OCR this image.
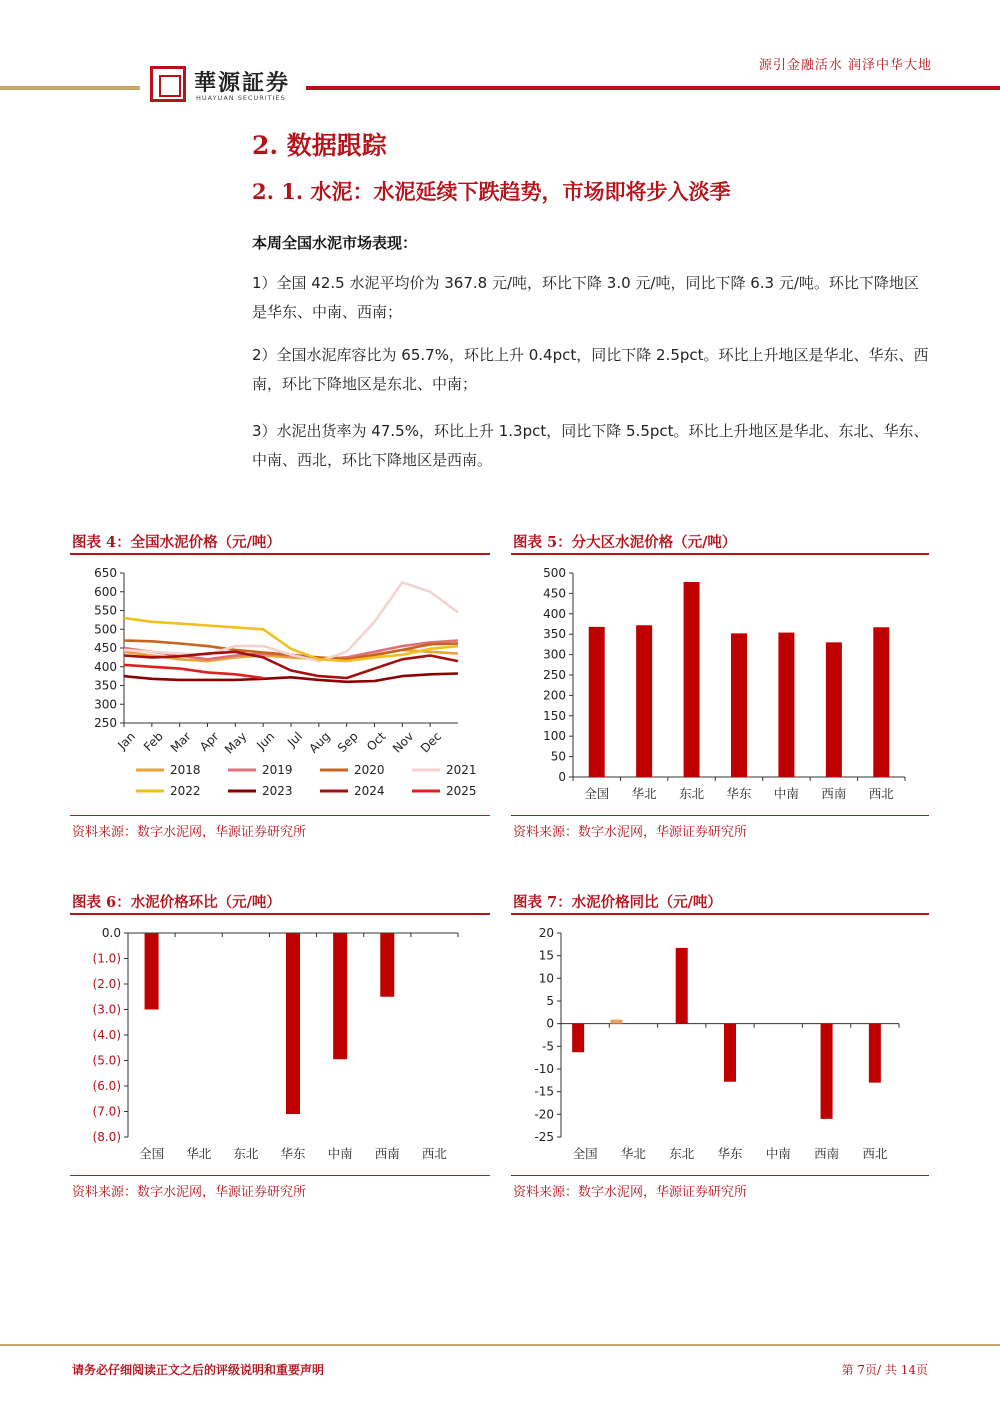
華源証券
HUAYUAN SECURITIES
源引金融活水 润泽中华大地
2. 数据跟踪
2. 1. 水泥：水泥延续下跌趋势，市场即将步入淡季
本周全国水泥市场表现：
1）全国 42.5 水泥平均价为 367.8 元/吨，环比下降 3.0 元/吨，同比下降 6.3 元/吨。环比下降地区是华东、中南、西南；
2）全国水泥库容比为 65.7%，环比上升 0.4pct，同比下降 2.5pct。环比上升地区是华北、华东、西南，环比下降地区是东北、中南；
3）水泥出货率为 47.5%，环比上升 1.3pct，同比下降 5.5pct。环比上升地区是华北、东北、华东、中南、西北，环比下降地区是西南。
图表 4：全国水泥价格（元/吨）
250
300
350
400
450
500
550
600
650
Jan Feb Mar Apr May Jun Jul Aug Sep Oct Nov Dec
2018	2019	2020	2021
2022	2023	2024	2025
资料来源：数字水泥网，华源证券研究所
图表 5：分大区水泥价格（元/吨）
0
50
100
150
200
250
300
350
400
450
500
全国 华北 东北 华东 中南 西南 西北
资料来源：数字水泥网，华源证券研究所
图表 6：水泥价格环比（元/吨）
0.0
(1.0)
(2.0)
(3.0)
(4.0)
(5.0)
(6.0)
(7.0)
(8.0)
全国 华北 东北 华东 中南 西南 西北
资料来源：数字水泥网，华源证券研究所
图表 7：水泥价格同比（元/吨）
20
15
10
5
0
-5
-10
-15
-20
-25
全国 华北 东北 华东 中南 西南 西北
资料来源：数字水泥网，华源证券研究所
请务必仔细阅读正文之后的评级说明和重要声明	第 7页/ 共 14页
